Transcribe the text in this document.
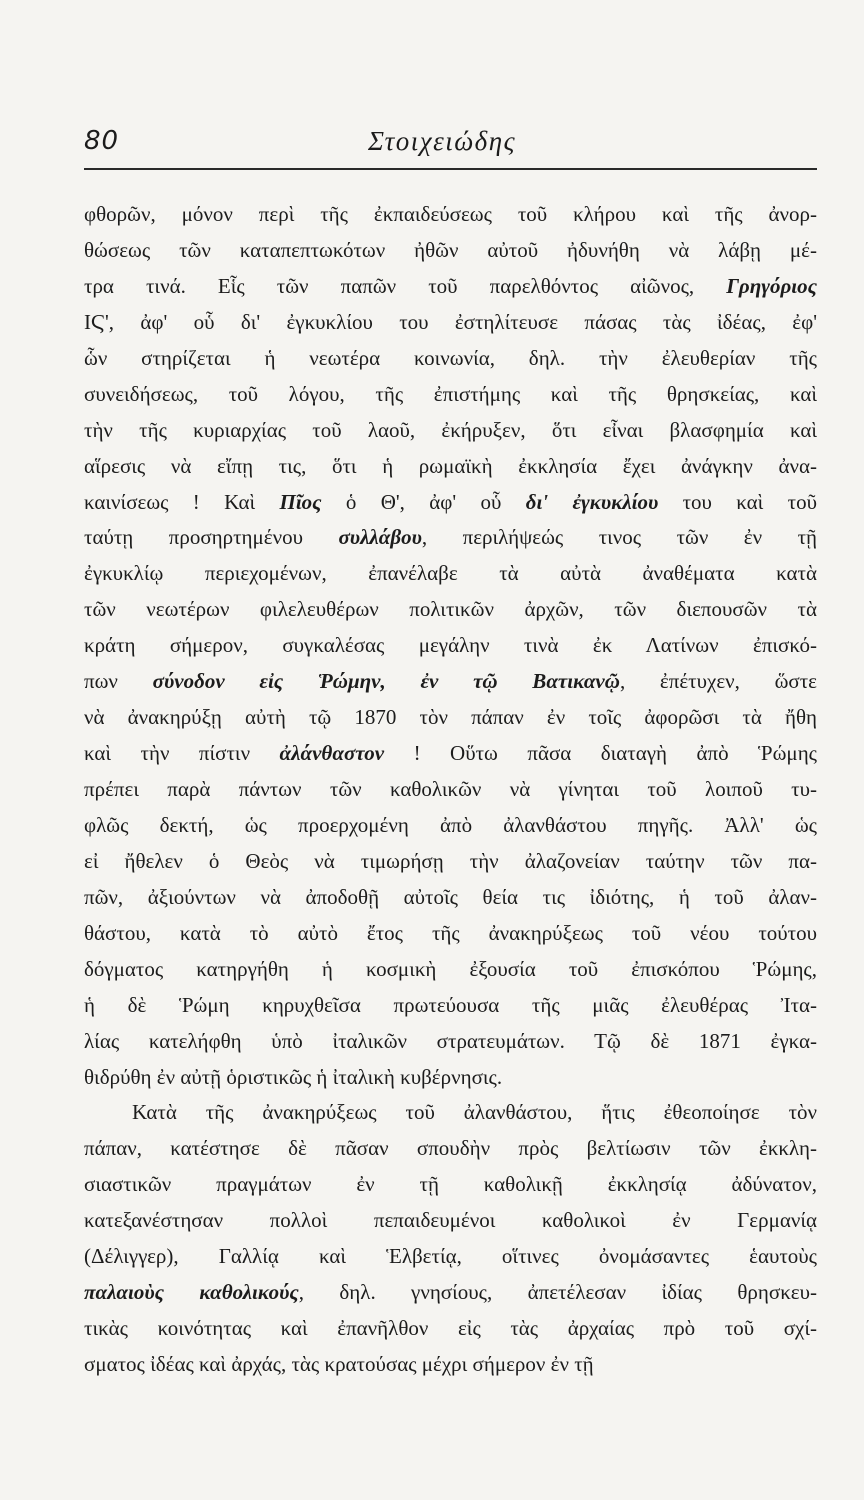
80	Στοιχειώδης
φθορῶν, μόνον περὶ τῆς ἐκπαιδεύσεως τοῦ κλήρου καὶ τῆς ἀνορ-
θώσεως τῶν καταπεπτωκότων ἠθῶν αὐτοῦ ἠδυνήθη νὰ λάβῃ μέ-
τρα τινά. Εἷς τῶν παπῶν τοῦ παρελθόντος αἰῶνος, Γρηγόριος
ΙϚ', ἀφ' οὗ δι' ἐγκυκλίου του ἐστηλίτευσε πάσας τὰς ἰδέας, ἐφ'
ὧν στηρίζεται ἡ νεωτέρα κοινωνία, δηλ. τὴν ἐλευθερίαν τῆς
συνειδήσεως, τοῦ λόγου, τῆς ἐπιστήμης καὶ τῆς θρησκείας, καὶ
τὴν τῆς κυριαρχίας τοῦ λαοῦ, ἐκήρυξεν, ὅτι εἶναι βλασφημία καὶ
αἵρεσις νὰ εἴπῃ τις, ὅτι ἡ ρωμαϊκὴ ἐκκλησία ἔχει ἀνάγκην ἀνα-
καινίσεως ! Καὶ Πῖος ὁ Θ', ἀφ' οὗ δι' ἐγκυκλίου του καὶ τοῦ
ταύτῃ προσηρτημένου συλλάβου, περιλήψεώς τινος τῶν ἐν τῇ
ἐγκυκλίῳ περιεχομένων, ἐπανέλαβε τὰ αὐτὰ ἀναθέματα κατὰ
τῶν νεωτέρων φιλελευθέρων πολιτικῶν ἀρχῶν, τῶν διεπουσῶν τὰ
κράτη σήμερον, συγκαλέσας μεγάλην τινὰ ἐκ Λατίνων ἐπισκό-
πων σύνοδον εἰς Ῥώμην, ἐν τῷ Βατικανῷ, ἐπέτυχεν, ὥστε
νὰ ἀνακηρύξῃ αὐτὴ τῷ 1870 τὸν πάπαν ἐν τοῖς ἀφορῶσι τὰ ἤθη
καὶ τὴν πίστιν ἀλάνθαστον ! Οὕτω πᾶσα διαταγὴ ἀπὸ Ῥώμης
πρέπει παρὰ πάντων τῶν καθολικῶν νὰ γίνηται τοῦ λοιποῦ τυ-
φλῶς δεκτή, ὡς προερχομένη ἀπὸ ἀλανθάστου πηγῆς. Ἀλλ' ὡς
εἰ ἤθελεν ὁ Θεὸς νὰ τιμωρήσῃ τὴν ἀλαζονείαν ταύτην τῶν πα-
πῶν, ἀξιούντων νὰ ἀποδοθῇ αὐτοῖς θεία τις ἰδιότης, ἡ τοῦ ἀλαν-
θάστου, κατὰ τὸ αὐτὸ ἔτος τῆς ἀνακηρύξεως τοῦ νέου τούτου
δόγματος κατηργήθη ἡ κοσμικὴ ἐξουσία τοῦ ἐπισκόπου Ῥώμης,
ἡ δὲ Ῥώμη κηρυχθεῖσα πρωτεύουσα τῆς μιᾶς ἐλευθέρας Ἰτα-
λίας κατελήφθη ὑπὸ ἰταλικῶν στρατευμάτων. Τῷ δὲ 1871 ἐγκα-
θιδρύθη ἐν αὐτῇ ὁριστικῶς ἡ ἰταλικὴ κυβέρνησις.
Κατὰ τῆς ἀνακηρύξεως τοῦ ἀλανθάστου, ἥτις ἐθεοποίησε τὸν
πάπαν, κατέστησε δὲ πᾶσαν σπουδὴν πρὸς βελτίωσιν τῶν ἐκκλη-
σιαστικῶν πραγμάτων ἐν τῇ καθολικῇ ἐκκλησίᾳ ἀδύνατον,
κατεξανέστησαν πολλοὶ πεπαιδευμένοι καθολικοὶ ἐν Γερμανίᾳ
(Δέλιγγερ), Γαλλίᾳ καὶ Ἑλβετίᾳ, οἵτινες ὀνομάσαντες ἑαυτοὺς
παλαιοὺς καθολικούς, δηλ. γνησίους, ἀπετέλεσαν ἰδίας θρησκευ-
τικὰς κοινότητας καὶ ἐπανῆλθον εἰς τὰς ἀρχαίας πρὸ τοῦ σχί-
σματος ἰδέας καὶ ἀρχάς, τὰς κρατούσας μέχρι σήμερον ἐν τῇ
